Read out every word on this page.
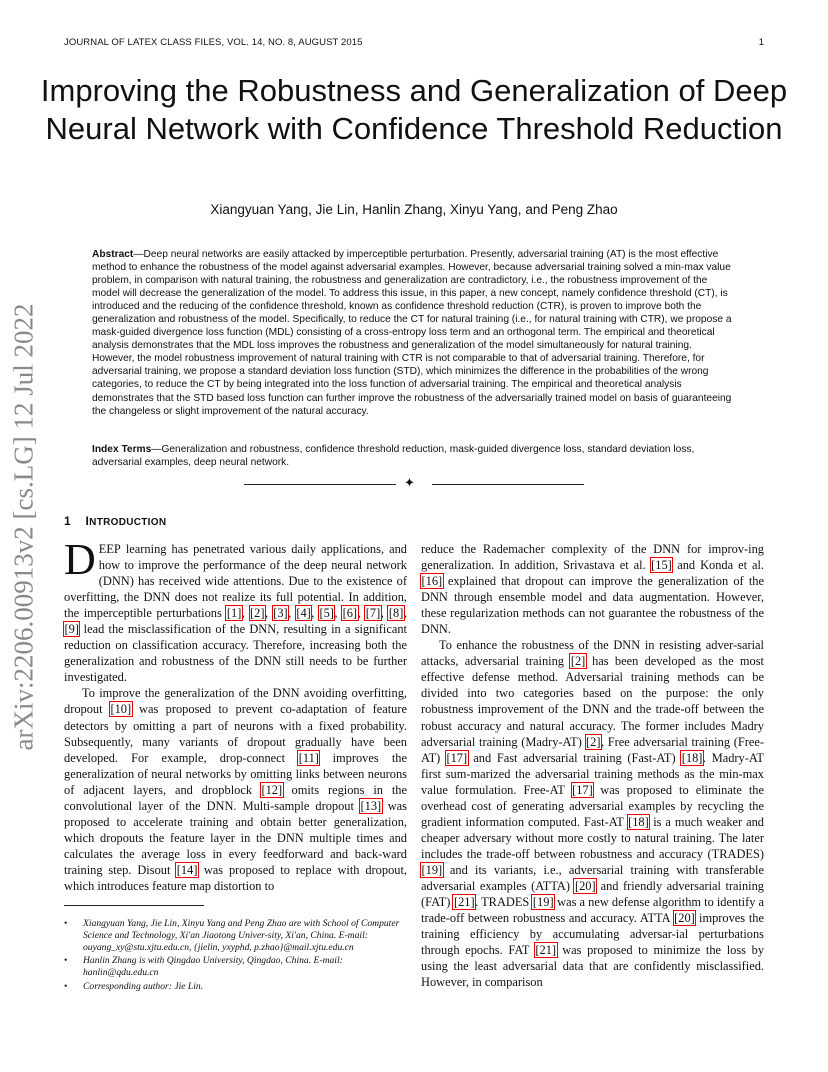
arXiv:2206.00913v2 [cs.LG] 12 Jul 2022
JOURNAL OF LATEX CLASS FILES, VOL. 14, NO. 8, AUGUST 2015	1
Improving the Robustness and Generalization of Deep Neural Network with Confidence Threshold Reduction
Xiangyuan Yang, Jie Lin, Hanlin Zhang, Xinyu Yang, and Peng Zhao
Abstract—Deep neural networks are easily attacked by imperceptible perturbation. Presently, adversarial training (AT) is the most effective method to enhance the robustness of the model against adversarial examples. However, because adversarial training solved a min-max value problem, in comparison with natural training, the robustness and generalization are contradictory, i.e., the robustness improvement of the model will decrease the generalization of the model. To address this issue, in this paper, a new concept, namely confidence threshold (CT), is introduced and the reducing of the confidence threshold, known as confidence threshold reduction (CTR), is proven to improve both the generalization and robustness of the model. Specifically, to reduce the CT for natural training (i.e., for natural training with CTR), we propose a mask-guided divergence loss function (MDL) consisting of a cross-entropy loss term and an orthogonal term. The empirical and theoretical analysis demonstrates that the MDL loss improves the robustness and generalization of the model simultaneously for natural training. However, the model robustness improvement of natural training with CTR is not comparable to that of adversarial training. Therefore, for adversarial training, we propose a standard deviation loss function (STD), which minimizes the difference in the probabilities of the wrong categories, to reduce the CT by being integrated into the loss function of adversarial training. The empirical and theoretical analysis demonstrates that the STD based loss function can further improve the robustness of the adversarially trained model on basis of guaranteeing the changeless or slight improvement of the natural accuracy.
Index Terms—Generalization and robustness, confidence threshold reduction, mask-guided divergence loss, standard deviation loss, adversarial examples, deep neural network.
✦
1 INTRODUCTION

DEEP learning has penetrated various daily applications, and how to improve the performance of the deep neural network (DNN) has received wide attentions. Due to the existence of overfitting, the DNN does not realize its full potential. In addition, the imperceptible perturbations [1], [2], [3], [4], [5], [6], [7], [8], [9] lead the misclassification of the DNN, resulting in a significant reduction on classification accuracy. Therefore, increasing both the generalization and robustness of the DNN still needs to be further investigated.

To improve the generalization of the DNN avoiding overfitting, dropout [10] was proposed to prevent co-adaptation of feature detectors by omitting a part of neurons with a fixed probability. Subsequently, many variants of dropout gradually have been developed. For example, drop-connect [11] improves the generalization of neural networks by omitting links between neurons of adjacent layers, and dropblock [12] omits regions in the convolutional layer of the DNN. Multi-sample dropout [13] was proposed to accelerate training and obtain better generalization, which dropouts the feature layer in the DNN multiple times and calculates the average loss in every feedforward and back-ward training step. Disout [14] was proposed to replace with dropout, which introduces feature map distortion to

• Xiangyuan Yang, Jie Lin, Xinyu Yang and Peng Zhao are with School of Computer Science and Technology, Xi'an Jiaotong Univer-sity, Xi'an, China. E-mail: ouyang_xy@stu.xjtu.edu.cn, {jielin, yxyphd, p.zhao}@mail.xjtu.edu.cn
• Hanlin Zhang is with Qingdao University, Qingdao, China. E-mail: hanlin@qdu.edu.cn
• Corresponding author: Jie Lin.

reduce the Rademacher complexity of the DNN for improv-ing generalization. In addition, Srivastava et al. [15] and Konda et al. [16] explained that dropout can improve the generalization of the DNN through ensemble model and data augmentation. However, these regularization methods can not guarantee the robustness of the DNN.

To enhance the robustness of the DNN in resisting adver-sarial attacks, adversarial training [2] has been developed as the most effective defense method. Adversarial training methods can be divided into two categories based on the purpose: the only robustness improvement of the DNN and the trade-off between the robust accuracy and natural accuracy. The former includes Madry adversarial training (Madry-AT) [2], Free adversarial training (Free-AT) [17] and Fast adversarial training (Fast-AT) [18]. Madry-AT first sum-marized the adversarial training methods as the min-max value formulation. Free-AT [17] was proposed to eliminate the overhead cost of generating adversarial examples by recycling the gradient information computed. Fast-AT [18] is a much weaker and cheaper adversary without more costly to natural training. The later includes the trade-off between robustness and accuracy (TRADES) [19] and its variants, i.e., adversarial training with transferable adversarial examples (ATTA) [20] and friendly adversarial training (FAT) [21]. TRADES [19] was a new defense algorithm to identify a trade-off between robustness and accuracy. ATTA [20] improves the training efficiency by accumulating adversar-ial perturbations through epochs. FAT [21] was proposed to minimize the loss by using the least adversarial data that are confidently misclassified. However, in comparison
